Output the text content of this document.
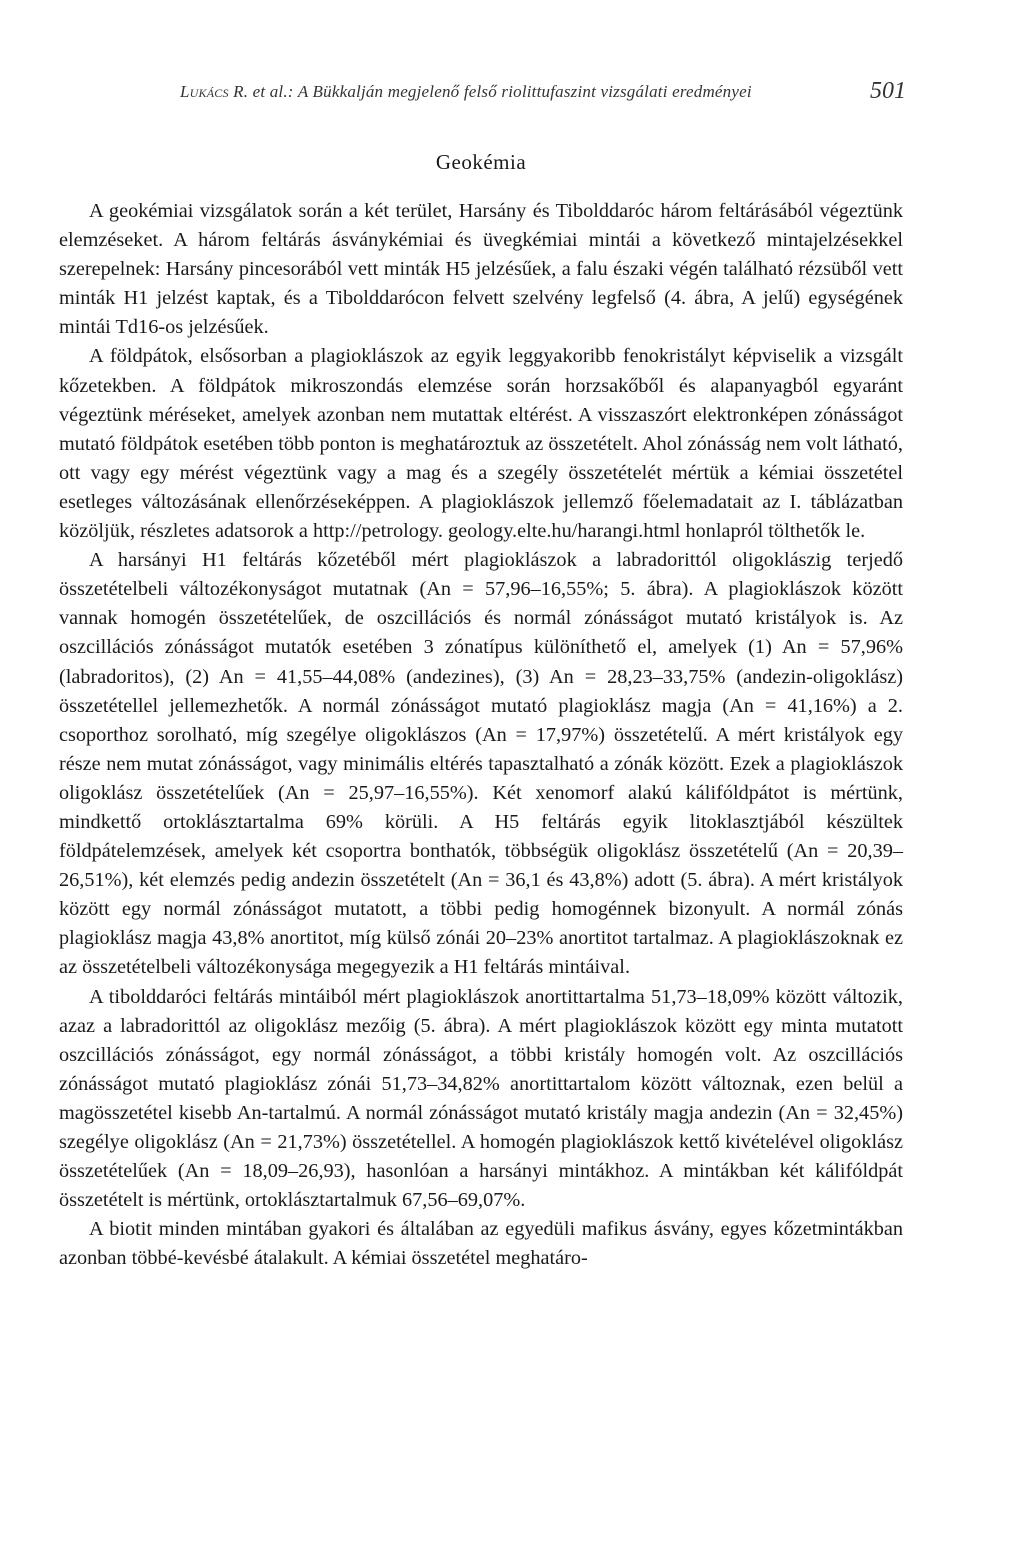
Lukács R. et al.: A Bükkalján megjelenő felső riolittufaszint vizsgálati eredményei	501
Geokémia

A geokémiai vizsgálatok során a két terület, Harsány és Tibolddaróc három feltárásából végeztünk elemzéseket. A három feltárás ásványkémiai és üvegkémiai mintái a következő mintajelzésekkel szerepelnek: Harsány pincesorából vett minták H5 jelzésűek, a falu északi végén található rézsüből vett minták H1 jelzést kaptak, és a Tibolddarócon felvett szelvény legfelső (4. ábra, A jelű) egységének mintái Td16-os jelzésűek.

A földpátok, elsősorban a plagioklászok az egyik leggyakoribb fenokristályt képviselik a vizsgált kőzetekben. A földpátok mikroszondás elemzése során horzsakőből és alapanyagból egyaránt végeztünk méréseket, amelyek azonban nem mutattak eltérést. A visszaszórt elektronképen zónásságot mutató földpátok esetében több ponton is meghatároztuk az összetételt. Ahol zónásság nem volt látható, ott vagy egy mérést végeztünk vagy a mag és a szegély összetételét mértük a kémiai összetétel esetleges változásának ellenőrzéseképpen. A plagioklászok jellemző főelemadatait az I. táblázatban közöljük, részletes adatsorok a http://petrology. geology.elte.hu/harangi.html honlapról tölthetők le.

A harsányi H1 feltárás kőzetéből mért plagioklászok a labradorittól oligoklászig terjedő összetételbeli változékonyságot mutatnak (An = 57,96–16,55%; 5. ábra). A plagioklászok között vannak homogén összetételűek, de oszcillációs és normál zónásságot mutató kristályok is. Az oszcillációs zónásságot mutatók esetében 3 zónatípus különíthető el, amelyek (1) An = 57,96% (labradoritos), (2) An = 41,55–44,08% (andezines), (3) An = 28,23–33,75% (andezin-oligoklász) összetétellel jellemezhetők. A normál zónásságot mutató plagioklász magja (An = 41,16%) a 2. csoporthoz sorolható, míg szegélye oligoklászos (An = 17,97%) összetételű. A mért kristályok egy része nem mutat zónásságot, vagy minimális eltérés tapasztalható a zónák között. Ezek a plagioklászok oligoklász összetételűek (An = 25,97–16,55%). Két xenomorf alakú kálifóldpátot is mértünk, mindkettő ortoklásztartalma 69% körüli. A H5 feltárás egyik litoklasztjából készültek földpátelemzések, amelyek két csoportra bonthatók, többségük oligoklász összetételű (An = 20,39–26,51%), két elemzés pedig andezin összetételt (An = 36,1 és 43,8%) adott (5. ábra). A mért kristályok között egy normál zónásságot mutatott, a többi pedig homogénnek bizonyult. A normál zónás plagioklász magja 43,8% anortitot, míg külső zónái 20–23% anortitot tartalmaz. A plagioklászoknak ez az összetételbeli változékonysága megegyezik a H1 feltárás mintáival.

A tibolddaróci feltárás mintáiból mért plagioklászok anortittartalma 51,73–18,09% között változik, azaz a labradorittól az oligoklász mezőig (5. ábra). A mért plagioklászok között egy minta mutatott oszcillációs zónásságot, egy normál zónásságot, a többi kristály homogén volt. Az oszcillációs zónásságot mutató plagioklász zónái 51,73–34,82% anortittartalom között változnak, ezen belül a magösszetétel kisebb An-tartalmú. A normál zónásságot mutató kristály magja andezin (An = 32,45%) szegélye oligoklász (An = 21,73%) összetétellel. A homogén plagioklászok kettő kivételével oligoklász összetételűek (An = 18,09–26,93), hasonlóan a harsányi mintákhoz. A mintákban két kálifóldpát összetételt is mértünk, ortoklásztartalmuk 67,56–69,07%.

A biotit minden mintában gyakori és általában az egyedüli mafikus ásvány, egyes kőzetmintákban azonban többé-kevésbé átalakult. A kémiai összetétel meghatáro-
